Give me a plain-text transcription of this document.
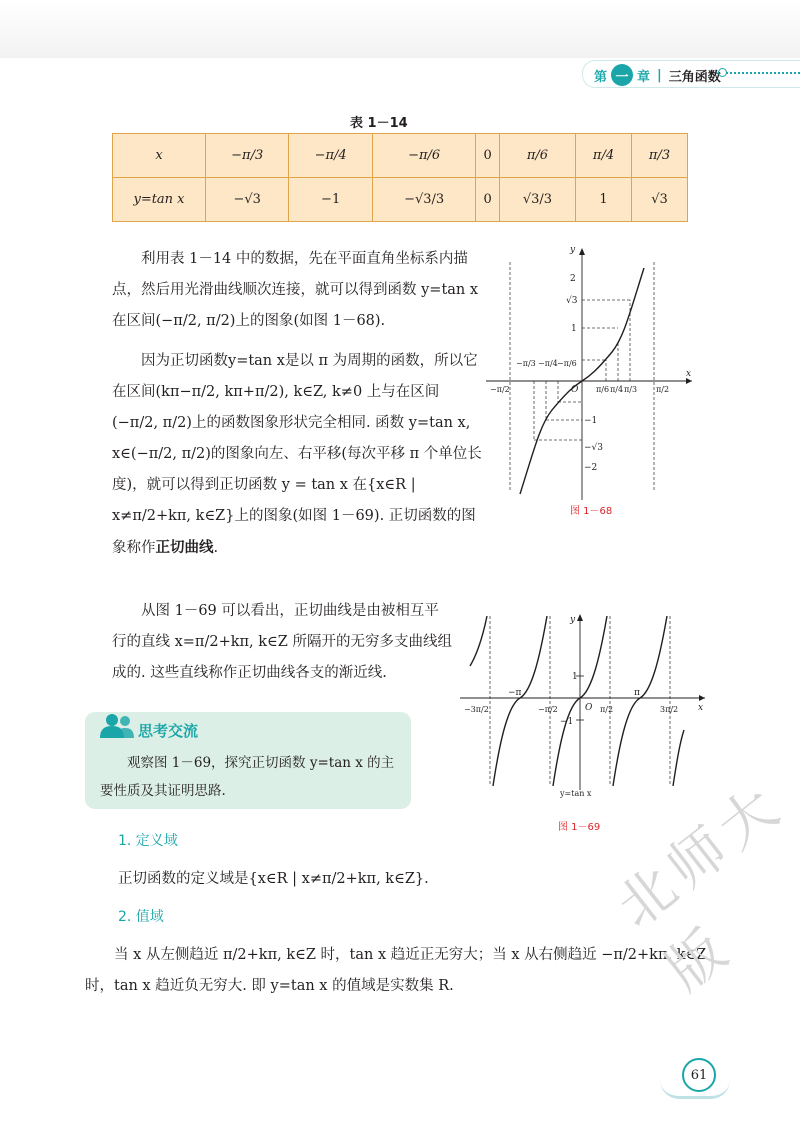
第 一 章 | 三角函数
表 1－14
x	−π/3	−π/4	−π/6	0	π/6	π/4	π/3
y=tan x	−√3	−1	−√3/3	0	√3/3	1	√3
利用表 1－14 中的数据，先在平面直角坐标系内描点，然后用光滑曲线顺次连接，就可以得到函数 y=tan x 在区间(−π/2, π/2)上的图象(如图 1－68).
因为正切函数y=tan x是以 π 为周期的函数，所以它在区间(kπ−π/2, kπ+π/2), k∈Z, k≠0 上与在区间(−π/2, π/2)上的函数图象形状完全相同. 函数 y=tan x, x∈(−π/2, π/2)的图象向左、右平移(每次平移 π 个单位长度)，就可以得到正切函数 y = tan x 在{x∈R | x≠π/2+kπ, k∈Z}上的图象(如图 1－69). 正切函数的图象称作正切曲线.
从图 1－69 可以看出，正切曲线是由被相互平行的直线 x=π/2+kπ, k∈Z 所隔开的无穷多支曲线组成的. 这些直线称作正切曲线各支的渐近线.
y
x
O
2
√3
1
−1
−√3
−2
−π/3 −π/4 −π/6
π/6 π/4 π/3
−π/2	π/2
图 1－68
y
x
O
1
−1
−π	π
−3π/2	−π/2	π/2	3π/2
y=tan x
图 1－69
思考交流
观察图 1－69，探究正切函数 y=tan x 的主要性质及其证明思路.
1. 定义域
正切函数的定义域是{x∈R | x≠π/2+kπ, k∈Z}.
2. 值域
当 x 从左侧趋近 π/2+kπ, k∈Z 时，tan x 趋近正无穷大；当 x 从右侧趋近 −π/2+kπ, k∈Z 时，tan x 趋近负无穷大. 即 y=tan x 的值域是实数集 R.
北师大版
61
